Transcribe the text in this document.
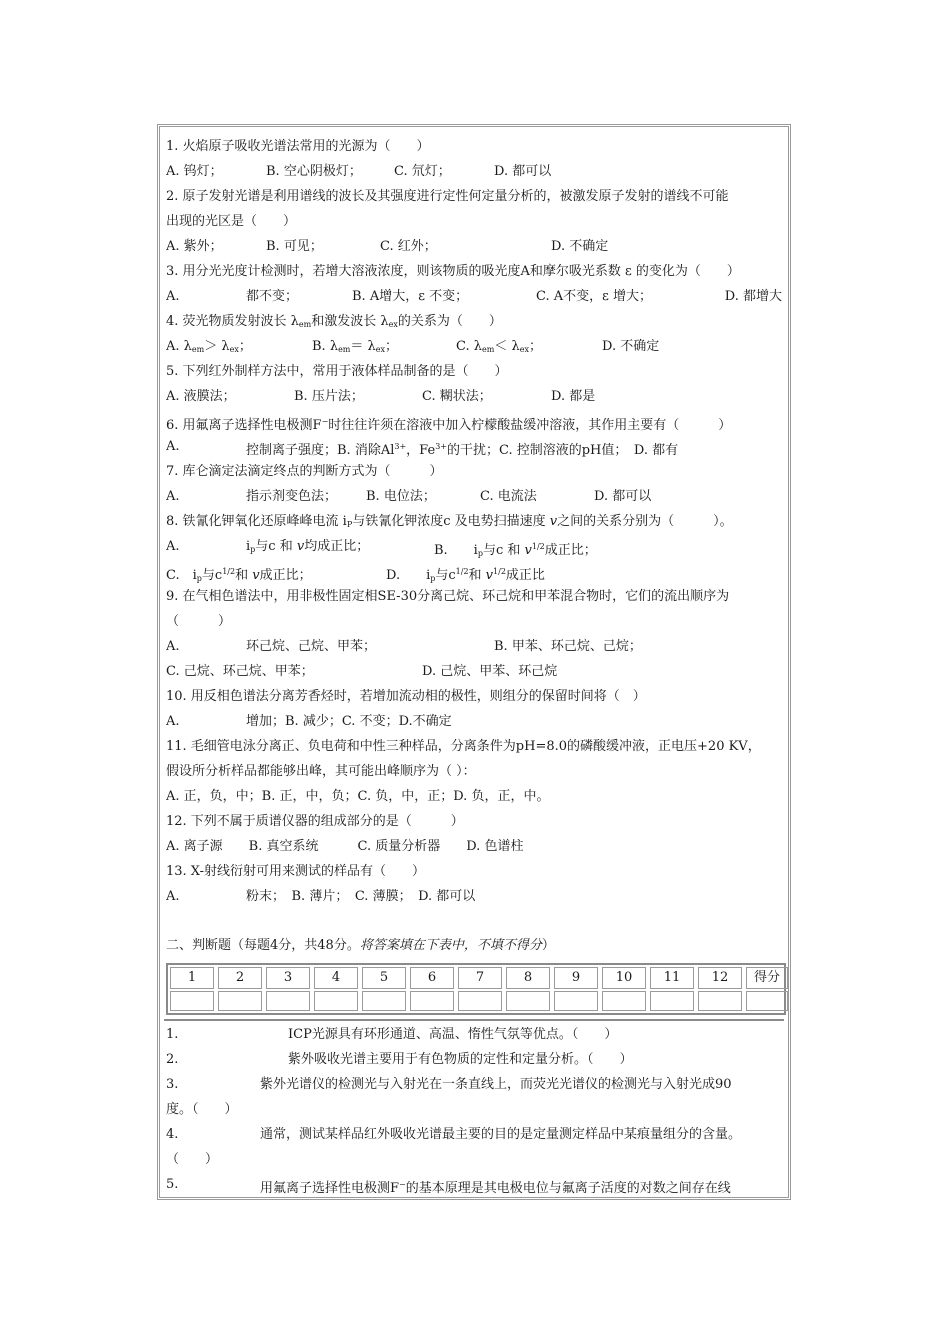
1. 火焰原子吸收光谱法常用的光源为（　　）
A. 钨灯；	B. 空心阴极灯； C. 氘灯；	D. 都可以
2. 原子发射光谱是利用谱线的波长及其强度进行定性何定量分析的，被激发原子发射的谱线不可能
出现的光区是（　　）
A. 紫外；	B. 可见；	C. 红外；	D. 不确定
3. 用分光光度计检测时，若增大溶液浓度，则该物质的吸光度A和摩尔吸光系数 ε 的变化为（　　）
A.	都不变；	B. A增大，ε 不变；	C. A不变，ε 增大；	D. 都增大
4. 荧光物质发射波长 $\lambda_{em}$和激发波长 $\lambda_{ex}$的关系为（　　）
A. $\lambda_{em}> \lambda_{ex}$；	B. $\lambda_{em}= \lambda_{ex}$；	C. $\lambda_{em}< \lambda_{ex}$；	D. 不确定
5. 下列红外制样方法中，常用于液体样品制备的是（　　）
A. 液膜法；	B. 压片法；	C. 糊状法；	D. 都是
6. 用氟离子选择性电极测F−时往往许须在溶液中加入柠檬酸盐缓冲溶液，其作用主要有（　　　）
A.	控制离子强度；B. 消除$Al^{3+}$，$Fe^{3+}$的干扰；C. 控制溶液的pH值；　D. 都有
7. 库仑滴定法滴定终点的判断方式为（　　　）
A.	指示剂变色法； B. 电位法；	C. 电流法	D. 都可以
8. 铁氰化钾氧化还原峰峰电流 $i_P$与铁氰化钾浓度c 及电势扫描速度 v之间的关系分别为（　　　）。
A.	$i_p$与c 和 v均成正比；	B.　　$i_p$与c 和 $v^{1/2}$成正比；
C.　$i_p$与$c^{1/2}$和 v成正比；	D.　　$i_p$与$c^{1/2}$和 $v^{1/2}$成正比
9. 在气相色谱法中，用非极性固定相SE-30分离己烷、环己烷和甲苯混合物时，它们的流出顺序为
（　　　）
A.	环己烷、己烷、甲苯；	B. 甲苯、环己烷、己烷；
C. 己烷、环己烷、甲苯；	D. 己烷、甲苯、环己烷
10. 用反相色谱法分离芳香烃时，若增加流动相的极性，则组分的保留时间将（　）
A.	增加；B. 减少；C. 不变；D.不确定
11. 毛细管电泳分离正、负电荷和中性三种样品，分离条件为pH=8.0的磷酸缓冲液，正电压+20 KV，
假设所分析样品都能够出峰，其可能出峰顺序为（ ）：
A. 正，负，中；B. 正，中，负；C. 负，中，正；D. 负，正，中。
12. 下列不属于质谱仪器的组成部分的是（　　　）
A. 离子源　　B. 真空系统　　　C. 质量分析器　　D. 色谱柱
13. X-射线衍射可用来测试的样品有（　　）
A.	粉末；　B. 薄片；　C. 薄膜；　D. 都可以
二、判断题（每题4分，共48分。将答案填在下表中，不填不得分）
1	2	3	4	5	6	7	8	9	10	11	12	得分
1.	ICP光源具有环形通道、高温、惰性气氛等优点。（　　）
2.	紫外吸收光谱主要用于有色物质的定性和定量分析。（　　）
3.	紫外光谱仪的检测光与入射光在一条直线上，而荧光光谱仪的检测光与入射光成90
度。（　　）
4.	通常，测试某样品红外吸收光谱最主要的目的是定量测定样品中某痕量组分的含量。
（　　）
5.	用氟离子选择性电极测F−的基本原理是其电极电位与氟离子活度的对数之间存在线
